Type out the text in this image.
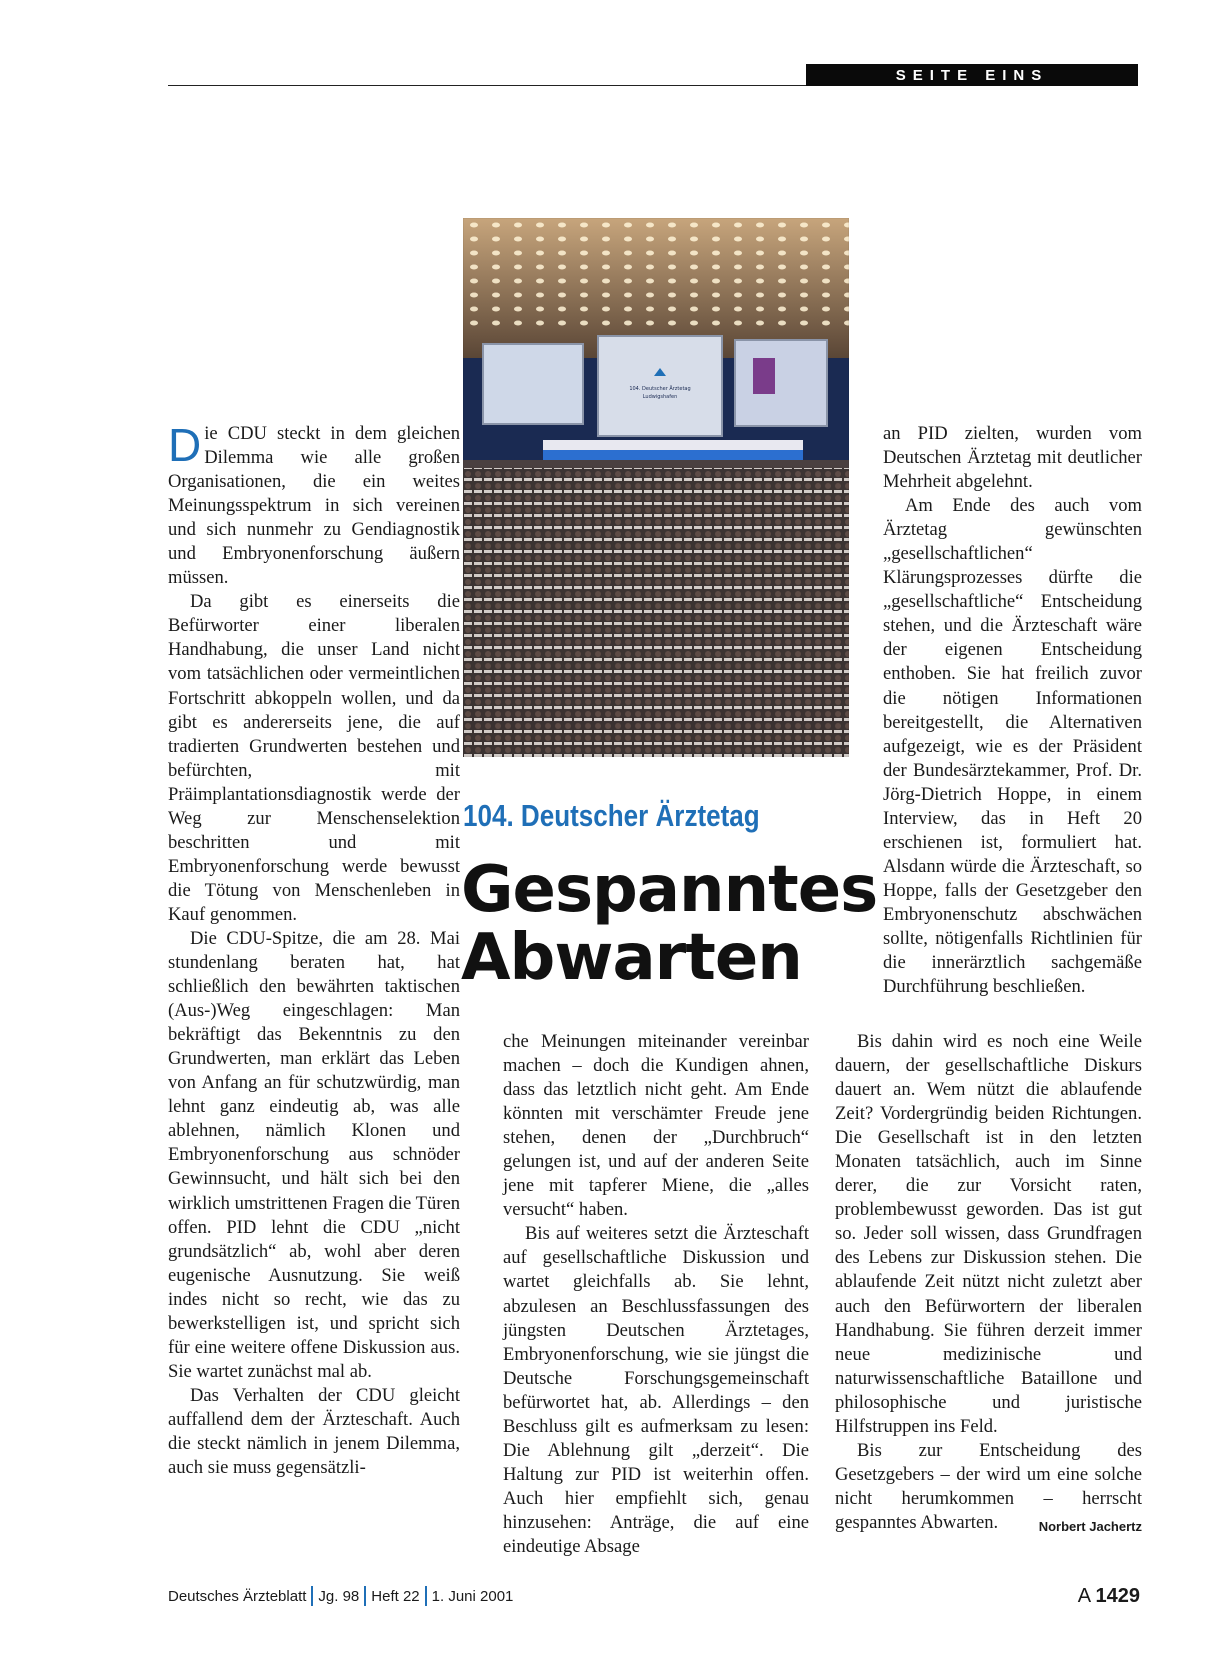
SEITE EINS
104. Deutscher Ärztetag
Ludwigshafen
104. Deutscher Ärztetag
Gespanntes
Abwarten

Die CDU steckt in dem gleichen Dilemma wie alle großen Organisationen, die ein weites Meinungsspektrum in sich vereinen und sich nunmehr zu Gendiagnostik und Embryonenforschung äußern müssen.

Da gibt es einerseits die Befürworter einer liberalen Handhabung, die unser Land nicht vom tatsächlichen oder vermeintlichen Fortschritt abkoppeln wollen, und da gibt es andererseits jene, die auf tradierten Grundwerten bestehen und befürchten, mit Präimplantationsdiagnostik werde der Weg zur Menschenselektion beschritten und mit Embryonenforschung werde bewusst die Tötung von Menschenleben in Kauf genommen.

Die CDU-Spitze, die am 28. Mai stundenlang beraten hat, hat schließlich den bewährten taktischen (Aus-)Weg eingeschlagen: Man bekräftigt das Bekenntnis zu den Grundwerten, man erklärt das Leben von Anfang an für schutzwürdig, man lehnt ganz eindeutig ab, was alle ablehnen, nämlich Klonen und Embryonenforschung aus schnöder Gewinnsucht, und hält sich bei den wirklich umstrittenen Fragen die Türen offen. PID lehnt die CDU „nicht grundsätzlich“ ab, wohl aber deren eugenische Ausnutzung. Sie weiß indes nicht so recht, wie das zu bewerkstelligen ist, und spricht sich für eine weitere offene Diskussion aus. Sie wartet zunächst mal ab.

Das Verhalten der CDU gleicht auffallend dem der Ärzteschaft. Auch die steckt nämlich in jenem Dilemma, auch sie muss gegensätzli-

che Meinungen miteinander vereinbar machen – doch die Kundigen ahnen, dass das letztlich nicht geht. Am Ende könnten mit verschämter Freude jene stehen, denen der „Durchbruch“ gelungen ist, und auf der anderen Seite jene mit tapferer Miene, die „alles versucht“ haben.

Bis auf weiteres setzt die Ärzteschaft auf gesellschaftliche Diskussion und wartet gleichfalls ab. Sie lehnt, abzulesen an Beschlussfassungen des jüngsten Deutschen Ärztetages, Embryonenforschung, wie sie jüngst die Deutsche Forschungsgemeinschaft befürwortet hat, ab. Allerdings – den Beschluss gilt es aufmerksam zu lesen: Die Ablehnung gilt „derzeit“. Die Haltung zur PID ist weiterhin offen. Auch hier empfiehlt sich, genau hinzusehen: Anträge, die auf eine eindeutige Absage

an PID zielten, wurden vom Deutschen Ärztetag mit deutlicher Mehrheit abgelehnt.

Am Ende des auch vom Ärztetag gewünschten „gesellschaftlichen“ Klärungsprozesses dürfte die „gesellschaftliche“ Entscheidung stehen, und die Ärzteschaft wäre der eigenen Entscheidung enthoben. Sie hat freilich zuvor die nötigen Informationen bereitgestellt, die Alternativen aufgezeigt, wie es der Präsident der Bundesärztekammer, Prof. Dr. Jörg-Dietrich Hoppe, in einem Interview, das in Heft 20 erschienen ist, formuliert hat. Alsdann würde die Ärzteschaft, so Hoppe, falls der Gesetzgeber den Embryonenschutz abschwächen sollte, nötigenfalls Richtlinien für die innerärztlich sachgemäße Durchführung beschließen.

Bis dahin wird es noch eine Weile dauern, der gesellschaftliche Diskurs dauert an. Wem nützt die ablaufende Zeit? Vordergründig beiden Richtungen. Die Gesellschaft ist in den letzten Monaten tatsächlich, auch im Sinne derer, die zur Vorsicht raten, problembewusst geworden. Das ist gut so. Jeder soll wissen, dass Grundfragen des Lebens zur Diskussion stehen. Die ablaufende Zeit nützt nicht zuletzt aber auch den Befürwortern der liberalen Handhabung. Sie führen derzeit immer neue medizinische und naturwissenschaftliche Bataillone und philosophische und juristische Hilfstruppen ins Feld.

Bis zur Entscheidung des Gesetzgebers – der wird um eine solche nicht herumkommen – herrscht gespanntes Abwarten.	Norbert Jachertz

Deutsches Ärzteblatt Jg. 98 Heft 22 1. Juni 2001	A 1429
